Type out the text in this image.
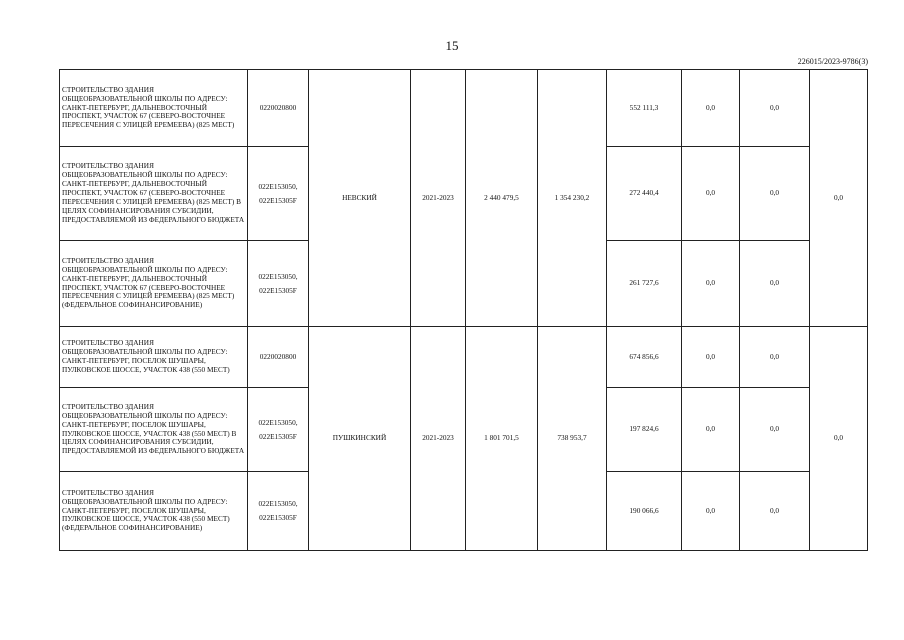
15
226015/2023-9786(3)
СТРОИТЕЛЬСТВО ЗДАНИЯ ОБЩЕОБРАЗОВАТЕЛЬНОЙ ШКОЛЫ ПО АДРЕСУ: САНКТ-ПЕТЕРБУРГ, ДАЛЬНЕВОСТОЧНЫЙ ПРОСПЕКТ, УЧАСТОК 67 (СЕВЕРО-ВОСТОЧНЕЕ ПЕРЕСЕЧЕНИЯ С УЛИЦЕЙ ЕРЕМЕЕВА) (825 МЕСТ)	0220020800	НЕВСКИЙ	2021-2023	2 440 479,5	1 354 230,2	552 111,3	0,0	0,0	0,0
СТРОИТЕЛЬСТВО ЗДАНИЯ ОБЩЕОБРАЗОВАТЕЛЬНОЙ ШКОЛЫ ПО АДРЕСУ: САНКТ-ПЕТЕРБУРГ, ДАЛЬНЕВОСТОЧНЫЙ ПРОСПЕКТ, УЧАСТОК 67 (СЕВЕРО-ВОСТОЧНЕЕ ПЕРЕСЕЧЕНИЯ С УЛИЦЕЙ ЕРЕМЕЕВА) (825 МЕСТ) В ЦЕЛЯХ СОФИНАНСИРОВАНИЯ СУБСИДИИ, ПРЕДОСТАВЛЯЕМОЙ ИЗ ФЕДЕРАЛЬНОГО БЮДЖЕТА	022E153050,
022E15305F					272 440,4	0,0	0,0	
СТРОИТЕЛЬСТВО ЗДАНИЯ ОБЩЕОБРАЗОВАТЕЛЬНОЙ ШКОЛЫ ПО АДРЕСУ: САНКТ-ПЕТЕРБУРГ, ДАЛЬНЕВОСТОЧНЫЙ ПРОСПЕКТ, УЧАСТОК 67 (СЕВЕРО-ВОСТОЧНЕЕ ПЕРЕСЕЧЕНИЯ С УЛИЦЕЙ ЕРЕМЕЕВА) (825 МЕСТ) (ФЕДЕРАЛЬНОЕ СОФИНАНСИРОВАНИЕ)	022E153050,
022E15305F					261 727,6	0,0	0,0	
СТРОИТЕЛЬСТВО ЗДАНИЯ ОБЩЕОБРАЗОВАТЕЛЬНОЙ ШКОЛЫ ПО АДРЕСУ: САНКТ-ПЕТЕРБУРГ, ПОСЕЛОК ШУШАРЫ, ПУЛКОВСКОЕ ШОССЕ, УЧАСТОК 438 (550 МЕСТ)	0220020800	ПУШКИНСКИЙ	2021-2023	1 801 701,5	738 953,7	674 856,6	0,0	0,0	0,0
СТРОИТЕЛЬСТВО ЗДАНИЯ ОБЩЕОБРАЗОВАТЕЛЬНОЙ ШКОЛЫ ПО АДРЕСУ: САНКТ-ПЕТЕРБУРГ, ПОСЕЛОК ШУШАРЫ, ПУЛКОВСКОЕ ШОССЕ, УЧАСТОК 438 (550 МЕСТ) В ЦЕЛЯХ СОФИНАНСИРОВАНИЯ СУБСИДИИ, ПРЕДОСТАВЛЯЕМОЙ ИЗ ФЕДЕРАЛЬНОГО БЮДЖЕТА	022E153050,
022E15305F					197 824,6	0,0	0,0	
СТРОИТЕЛЬСТВО ЗДАНИЯ ОБЩЕОБРАЗОВАТЕЛЬНОЙ ШКОЛЫ ПО АДРЕСУ: САНКТ-ПЕТЕРБУРГ, ПОСЕЛОК ШУШАРЫ, ПУЛКОВСКОЕ ШОССЕ, УЧАСТОК 438 (550 МЕСТ) (ФЕДЕРАЛЬНОЕ СОФИНАНСИРОВАНИЕ)	022E153050,
022E15305F					190 066,6	0,0	0,0	
